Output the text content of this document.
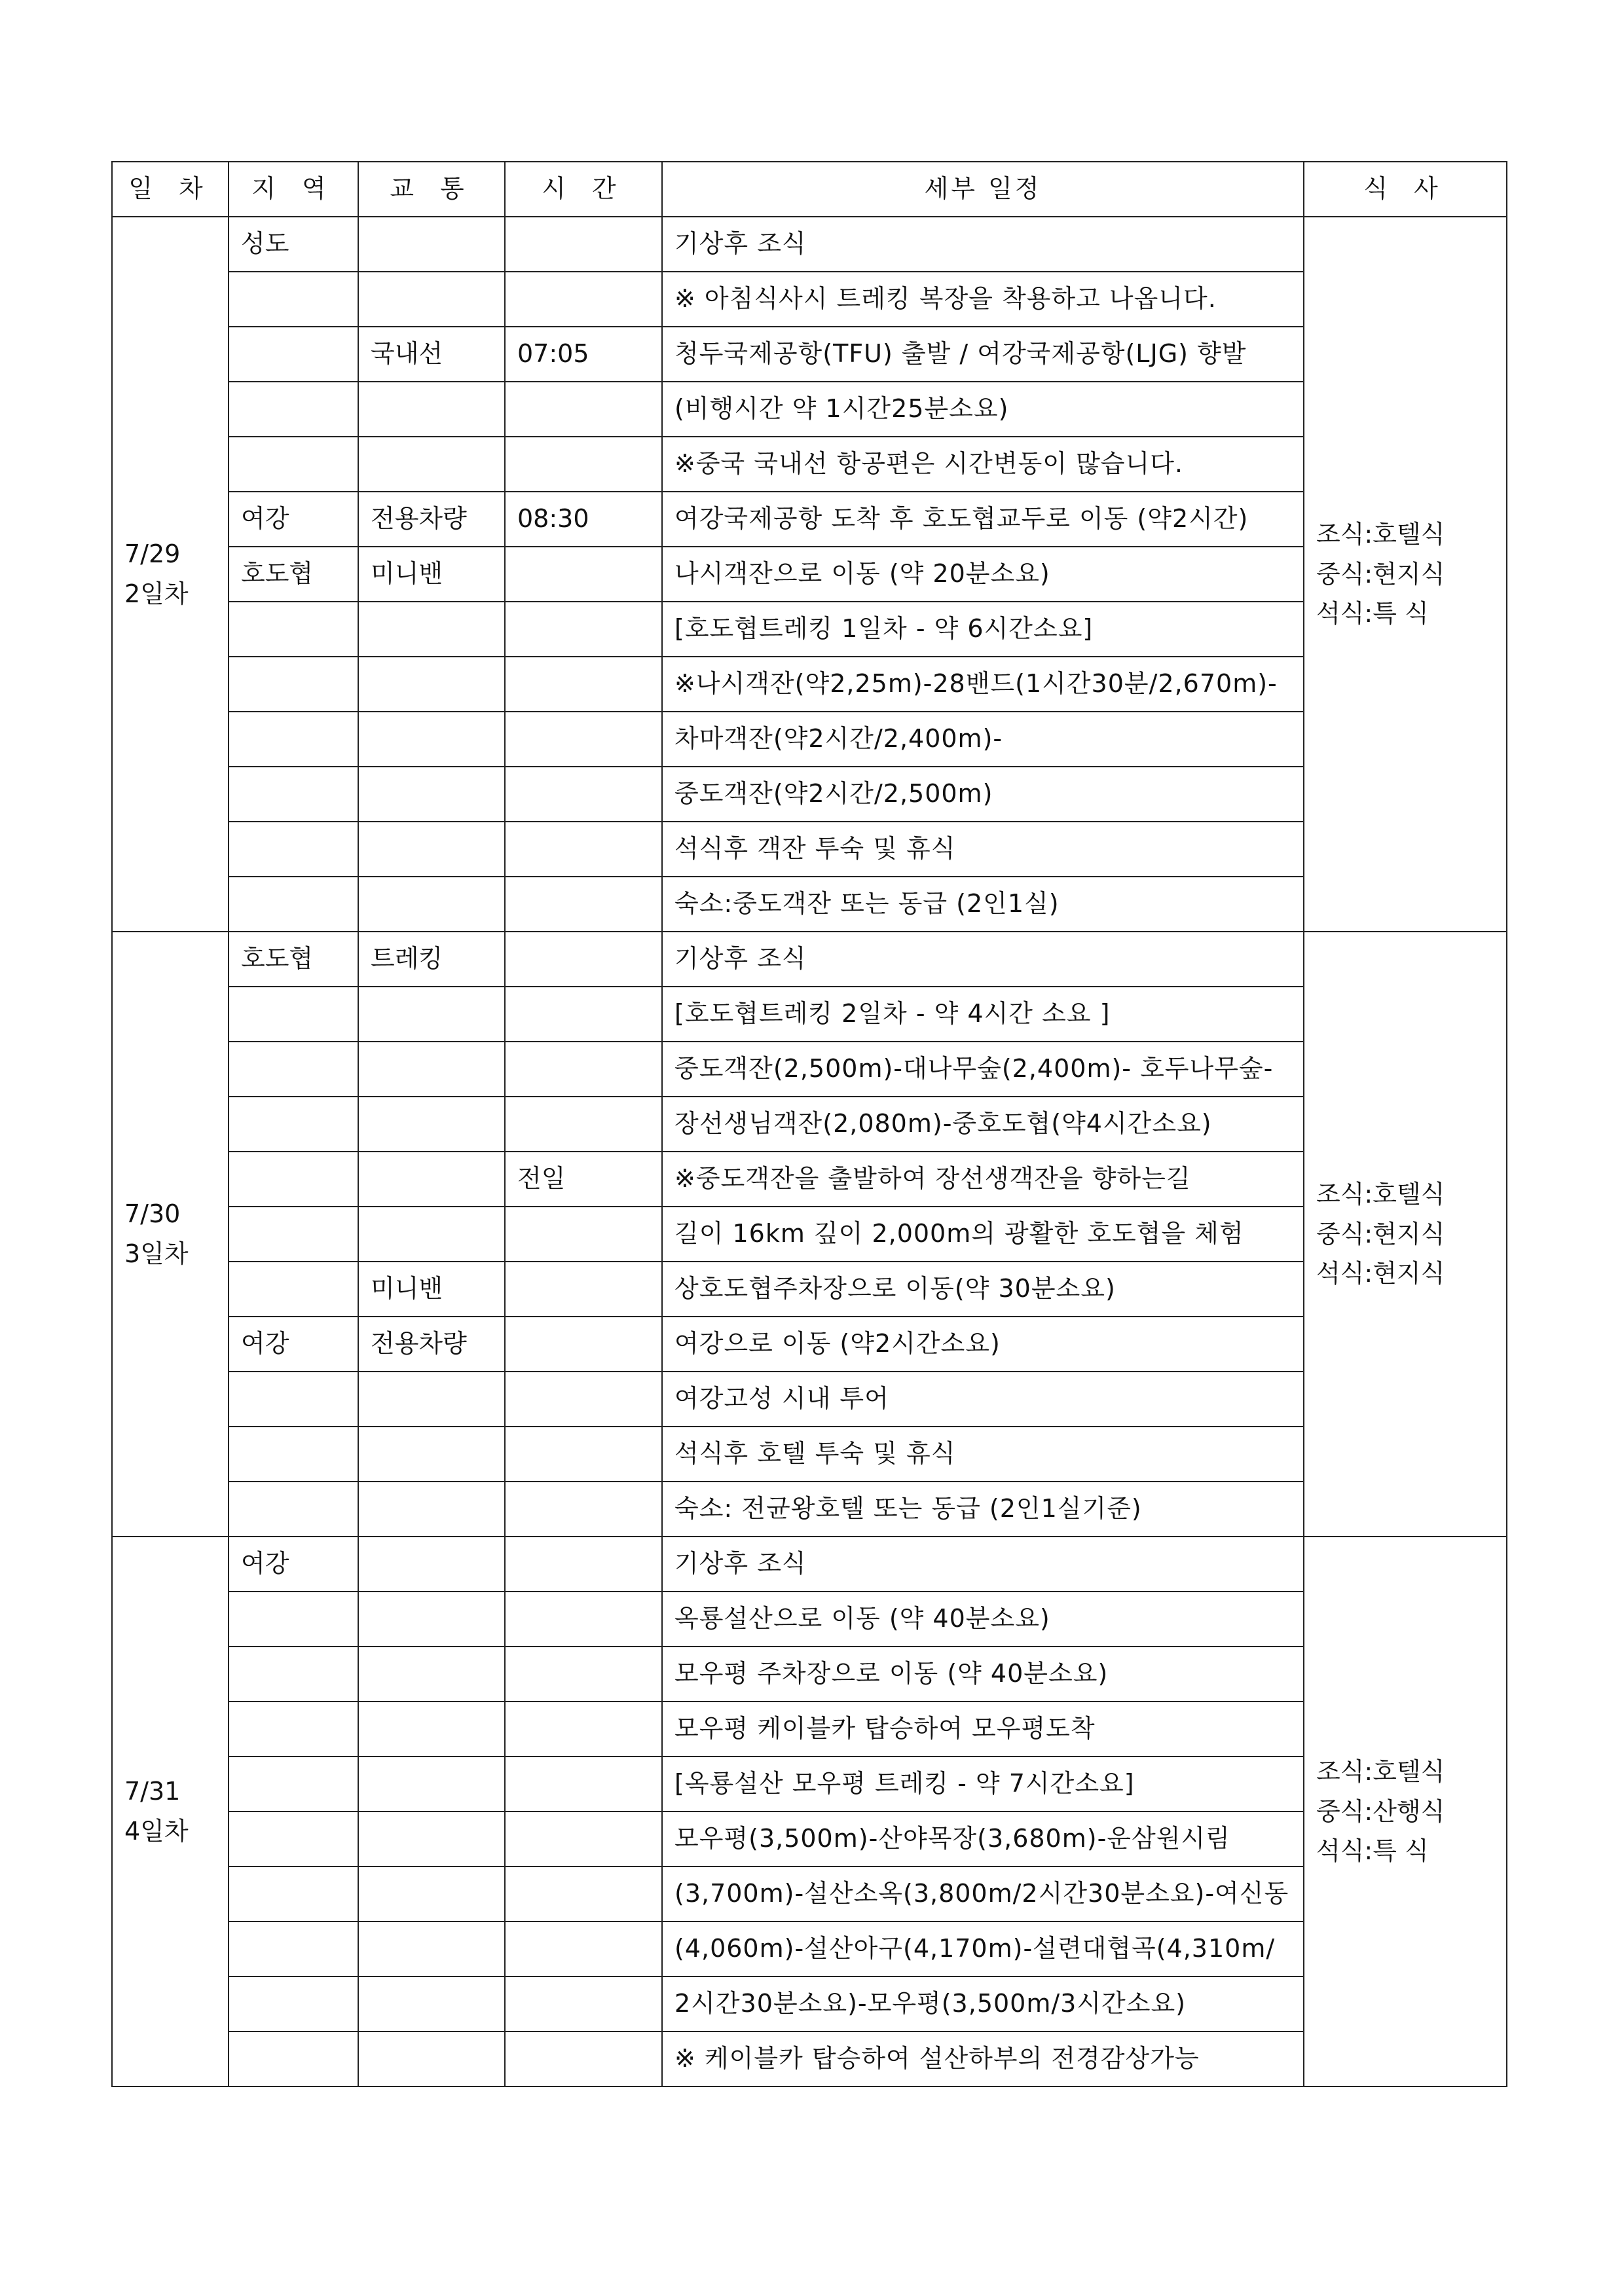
일 차	지 역	교 통	시 간	세부 일정	식 사

7/29
2일차	성도			기상후 조식	조식:호텔식
중식:현지식
석식:특 식

				※ 아침식사시 트레킹 복장을 착용하고 나옵니다.	
		국내선	07:05	청두국제공항(TFU) 출발 / 여강국제공항(LJG) 향발	
				(비행시간 약 1시간25분소요)	
				※중국 국내선 항공편은 시간변동이 많습니다.	
	여강	전용차량	08:30	여강국제공항 도착 후 호도협교두로 이동 (약2시간)	
	호도협	미니밴		나시객잔으로 이동 (약 20분소요)	
				[호도협트레킹 1일차 - 약 6시간소요]	
				※나시객잔(약2,25m)-28밴드(1시간30분/2,670m)-	
				차마객잔(약2시간/2,400m)-	
				중도객잔(약2시간/2,500m)	
				석식후 객잔 투숙 및 휴식	
				숙소:중도객잔 또는 동급 (2인1실)	

7/30
3일차	호도협	트레킹		기상후 조식	조식:호텔식
중식:현지식
석식:현지식

				[호도협트레킹 2일차 - 약 4시간 소요 ]	
				중도객잔(2,500m)-대나무숲(2,400m)- 호두나무숲-	
				장선생님객잔(2,080m)-중호도협(약4시간소요)	
			전일	※중도객잔을 출발하여 장선생객잔을 향하는길	
				길이 16km 깊이 2,000m의 광활한 호도협을 체험	
		미니밴		상호도협주차장으로 이동(약 30분소요)	
	여강	전용차량		여강으로 이동 (약2시간소요)	
				여강고성 시내 투어	
				석식후 호텔 투숙 및 휴식	
				숙소: 전균왕호텔 또는 동급 (2인1실기준)	

7/31
4일차	여강			기상후 조식	조식:호텔식
중식:산행식
석식:특 식

				옥룡설산으로 이동 (약 40분소요)	
				모우평 주차장으로 이동 (약 40분소요)	
				모우평 케이블카 탑승하여 모우평도착	
				[옥룡설산 모우평 트레킹 - 약 7시간소요]	
				모우평(3,500m)-산야목장(3,680m)-운삼원시림	
				(3,700m)-설산소옥(3,800m/2시간30분소요)-여신동	
				(4,060m)-설산아구(4,170m)-설련대협곡(4,310m/	
				2시간30분소요)-모우평(3,500m/3시간소요)	
				※ 케이블카 탑승하여 설산하부의 전경감상가능	
